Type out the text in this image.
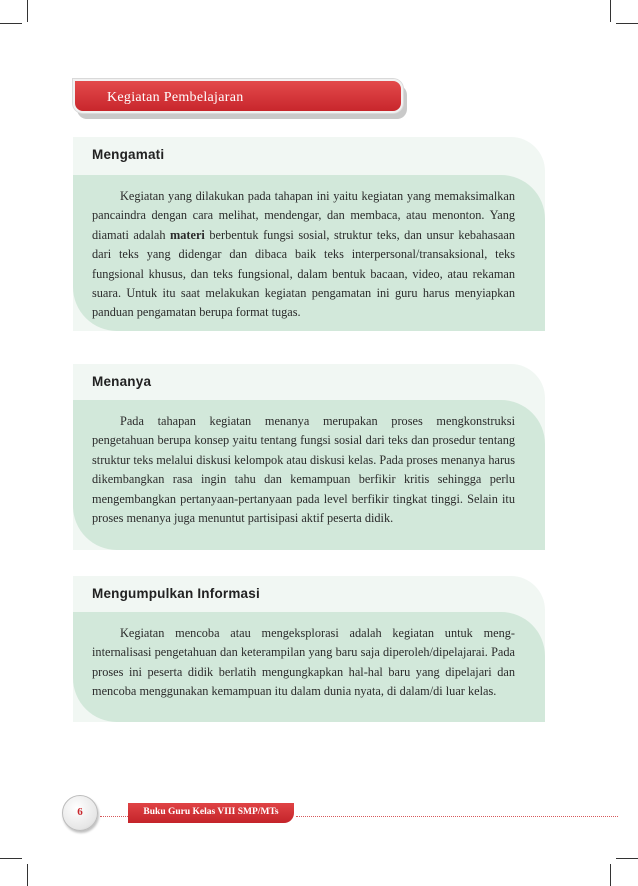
Kegiatan Pembelajaran
Mengamati

Kegiatan yang dilakukan pada tahapan ini yaitu kegiatan yang memaksimalkan pancaindra dengan cara melihat, mendengar, dan membaca, atau menonton. Yang diamati adalah materi berbentuk fungsi sosial, struktur teks, dan unsur kebahasaan dari teks yang didengar dan dibaca baik teks interpersonal/transaksional, teks fungsional khusus, dan teks fungsional, dalam bentuk bacaan, video, atau rekaman suara. Untuk itu saat melakukan kegiatan pengamatan ini guru harus menyiapkan panduan pengamatan berupa format tugas.

Menanya

Pada tahapan kegiatan menanya merupakan proses mengkonstruksi pengetahuan berupa konsep yaitu tentang fungsi sosial dari teks dan prosedur tentang struktur teks melalui diskusi kelompok atau diskusi kelas. Pada proses menanya harus dikembangkan rasa ingin tahu dan kemampuan berfikir kritis sehingga perlu mengembangkan pertanyaan-pertanyaan pada level berfikir tingkat tinggi. Selain itu proses menanya juga menuntut partisipasi aktif peserta didik.

Mengumpulkan Informasi

Kegiatan mencoba atau mengeksplorasi adalah kegiatan untuk meng-internalisasi pengetahuan dan keterampilan yang baru saja diperoleh/dipelajarai. Pada proses ini peserta didik berlatih mengungkapkan hal-hal baru yang dipelajari dan mencoba menggunakan kemampuan itu dalam dunia nyata, di dalam/di luar kelas.

6	Buku Guru Kelas VIII SMP/MTs
